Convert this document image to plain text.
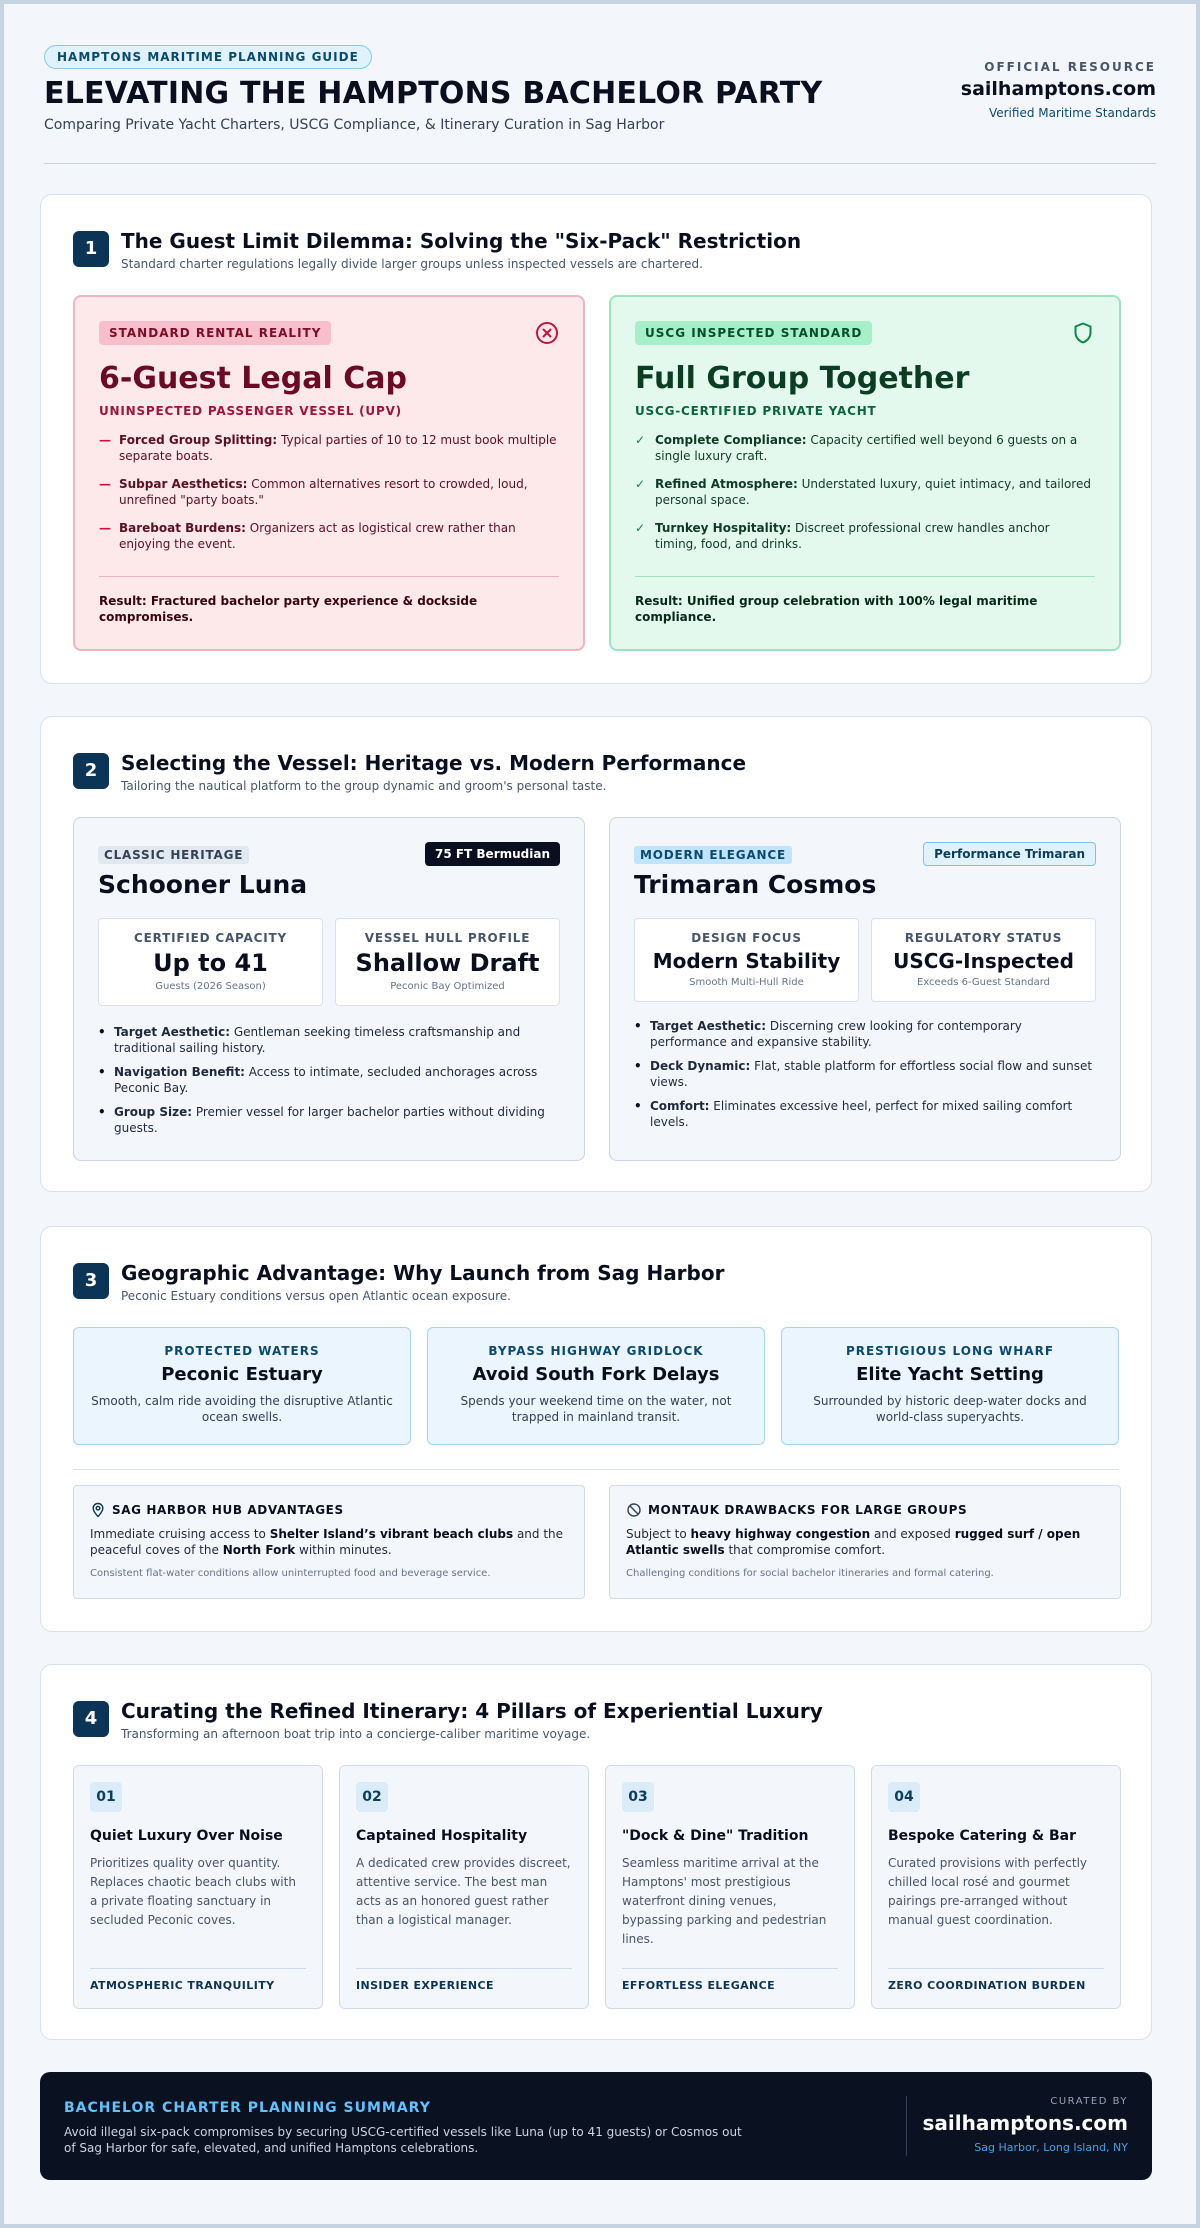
HAMPTONS MARITIME PLANNING GUIDE
ELEVATING THE HAMPTONS BACHELOR PARTY
Comparing Private Yacht Charters, USCG Compliance, & Itinerary Curation in Sag Harbor
OFFICIAL RESOURCE
sailhamptons.com
Verified Maritime Standards
1	The Guest Limit Dilemma: Solving the "Six-Pack" Restriction
Standard charter regulations legally divide larger groups unless inspected vessels are chartered.
STANDARD RENTAL REALITY
6-Guest Legal Cap
UNINSPECTED PASSENGER VESSEL (UPV)
— Forced Group Splitting: Typical parties of 10 to 12 must book multiple separate boats.
— Subpar Aesthetics: Common alternatives resort to crowded, loud, unrefined "party boats."
— Bareboat Burdens: Organizers act as logistical crew rather than enjoying the event.
Result: Fractured bachelor party experience & dockside compromises.
USCG INSPECTED STANDARD
Full Group Together
USCG-CERTIFIED PRIVATE YACHT
✓ Complete Compliance: Capacity certified well beyond 6 guests on a single luxury craft.
✓ Refined Atmosphere: Understated luxury, quiet intimacy, and tailored personal space.
✓ Turnkey Hospitality: Discreet professional crew handles anchor timing, food, and drinks.
Result: Unified group celebration with 100% legal maritime compliance.
2	Selecting the Vessel: Heritage vs. Modern Performance
Tailoring the nautical platform to the group dynamic and groom's personal taste.
CLASSIC HERITAGE	75 FT Bermudian
Schooner Luna
CERTIFIED CAPACITY
Up to 41
Guests (2026 Season)
VESSEL HULL PROFILE
Shallow Draft
Peconic Bay Optimized
• Target Aesthetic: Gentleman seeking timeless craftsmanship and traditional sailing history.
• Navigation Benefit: Access to intimate, secluded anchorages across Peconic Bay.
• Group Size: Premier vessel for larger bachelor parties without dividing guests.
MODERN ELEGANCE	Performance Trimaran
Trimaran Cosmos
DESIGN FOCUS
Modern Stability
Smooth Multi-Hull Ride
REGULATORY STATUS
USCG-Inspected
Exceeds 6-Guest Standard
• Target Aesthetic: Discerning crew looking for contemporary performance and expansive stability.
• Deck Dynamic: Flat, stable platform for effortless social flow and sunset views.
• Comfort: Eliminates excessive heel, perfect for mixed sailing comfort levels.
3	Geographic Advantage: Why Launch from Sag Harbor
Peconic Estuary conditions versus open Atlantic ocean exposure.
PROTECTED WATERS
Peconic Estuary
Smooth, calm ride avoiding the disruptive Atlantic ocean swells.
BYPASS HIGHWAY GRIDLOCK
Avoid South Fork Delays
Spends your weekend time on the water, not trapped in mainland transit.
PRESTIGIOUS LONG WHARF
Elite Yacht Setting
Surrounded by historic deep-water docks and world-class superyachts.
SAG HARBOR HUB ADVANTAGES
Immediate cruising access to Shelter Island’s vibrant beach clubs and the peaceful coves of the North Fork within minutes.
Consistent flat-water conditions allow uninterrupted food and beverage service.
MONTAUK DRAWBACKS FOR LARGE GROUPS
Subject to heavy highway congestion and exposed rugged surf / open Atlantic swells that compromise comfort.
Challenging conditions for social bachelor itineraries and formal catering.
4	Curating the Refined Itinerary: 4 Pillars of Experiential Luxury
Transforming an afternoon boat trip into a concierge-caliber maritime voyage.
01
Quiet Luxury Over Noise
Prioritizes quality over quantity. Replaces chaotic beach clubs with a private floating sanctuary in secluded Peconic coves.
ATMOSPHERIC TRANQUILITY
02
Captained Hospitality
A dedicated crew provides discreet, attentive service. The best man acts as an honored guest rather than a logistical manager.
INSIDER EXPERIENCE
03
"Dock & Dine" Tradition
Seamless maritime arrival at the Hamptons' most prestigious waterfront dining venues, bypassing parking and pedestrian lines.
EFFORTLESS ELEGANCE
04
Bespoke Catering & Bar
Curated provisions with perfectly chilled local rosé and gourmet pairings pre-arranged without manual guest coordination.
ZERO COORDINATION BURDEN
BACHELOR CHARTER PLANNING SUMMARY
Avoid illegal six-pack compromises by securing USCG-certified vessels like Luna (up to 41 guests) or Cosmos out of Sag Harbor for safe, elevated, and unified Hamptons celebrations.
CURATED BY
sailhamptons.com
Sag Harbor, Long Island, NY
